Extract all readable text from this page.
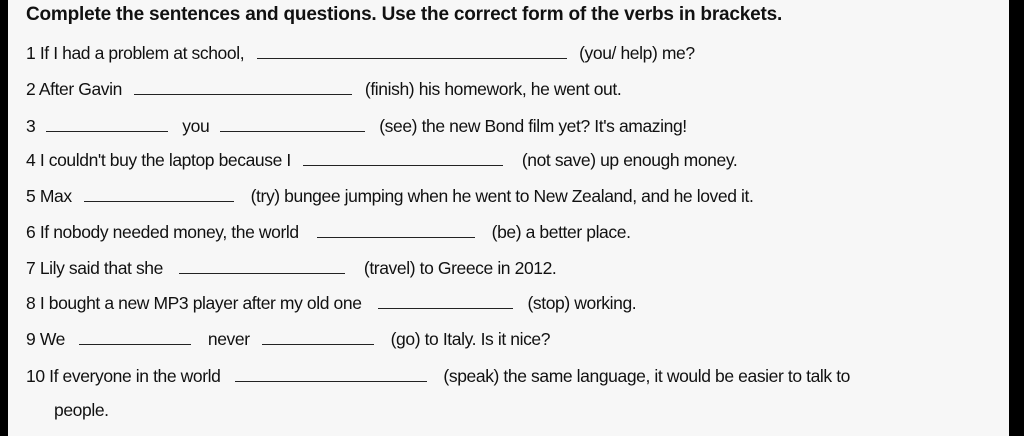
Complete the sentences and questions. Use the correct form of the verbs in brackets.
1 If I had a problem at school,	(you/ help) me?
2 After Gavin	(finish) his homework, he went out.
3	you	(see) the new Bond film yet? It's amazing!
4 I couldn't buy the laptop because I	(not save) up enough money.
5 Max	(try) bungee jumping when he went to New Zealand, and he loved it.
6 If nobody needed money, the world	(be) a better place.
7 Lily said that she	(travel) to Greece in 2012.
8 I bought a new MP3 player after my old one	(stop) working.
9 We	never	(go) to Italy. Is it nice?
10 If everyone in the world	(speak) the same language, it would be easier to talk to
people.
